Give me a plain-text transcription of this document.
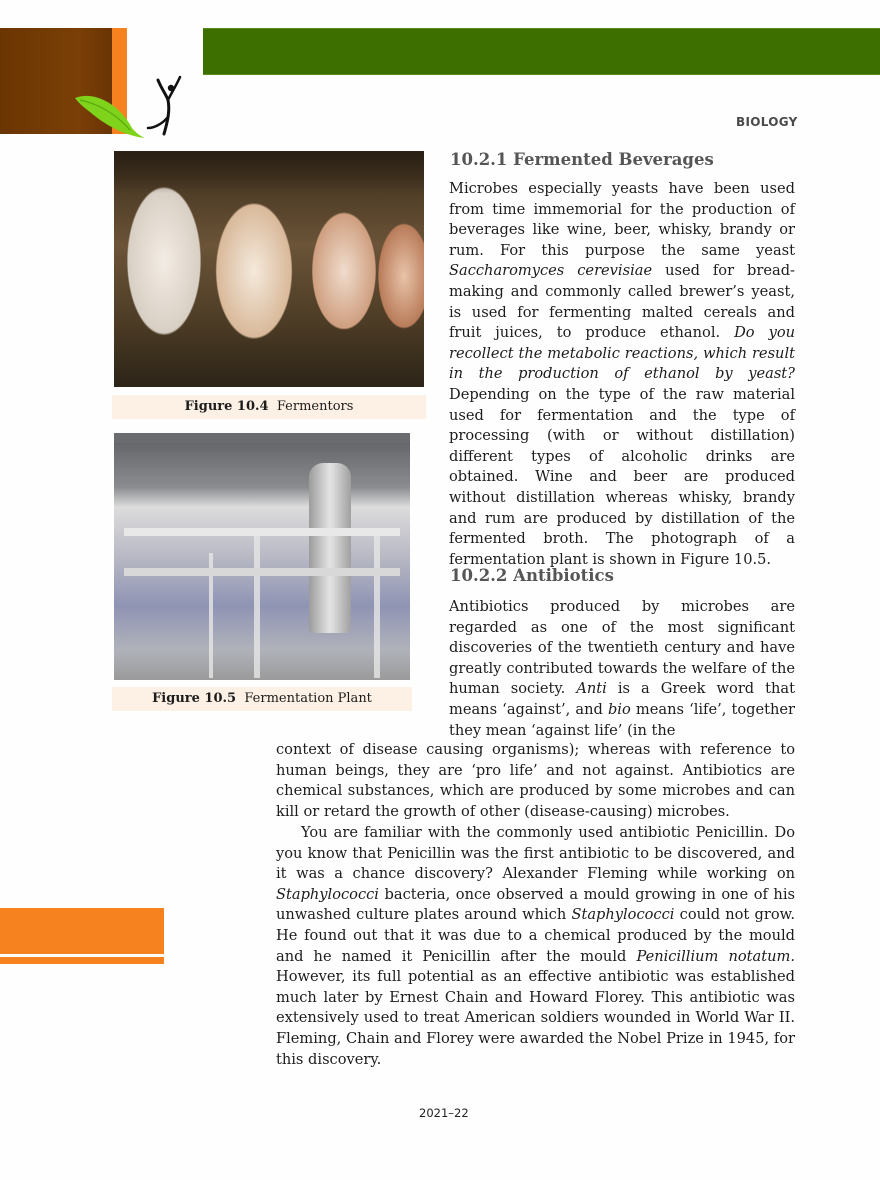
BIOLOGY
Figure 10.4 Fermentors
Figure 10.5 Fermentation Plant
10.2.1 Fermented Beverages
Microbes especially yeasts have been used from time immemorial for the production of beverages like wine, beer, whisky, brandy or rum. For this purpose the same yeast Saccharomyces cerevisiae used for bread-making and commonly called brewer’s yeast, is used for fermenting malted cereals and fruit juices, to produce ethanol. Do you recollect the metabolic reactions, which result in the production of ethanol by yeast? Depending on the type of the raw material used for fermentation and the type of processing (with or without distillation) different types of alcoholic drinks are obtained. Wine and beer are produced without distillation whereas whisky, brandy and rum are produced by distillation of the fermented broth. The photograph of a fermentation plant is shown in Figure 10.5.
10.2.2 Antibiotics
Antibiotics produced by microbes are regarded as one of the most significant discoveries of the twentieth century and have greatly contributed towards the welfare of the human society. Anti is a Greek word that means ‘against’, and bio means ‘life’, together they mean ‘against life’ (in the
context of disease causing organisms); whereas with reference to human beings, they are ‘pro life’ and not against. Antibiotics are chemical substances, which are produced by some microbes and can kill or retard the growth of other (disease-causing) microbes.
You are familiar with the commonly used antibiotic Penicillin. Do you know that Penicillin was the first antibiotic to be discovered, and it was a chance discovery? Alexander Fleming while working on Staphylococci bacteria, once observed a mould growing in one of his unwashed culture plates around which Staphylococci could not grow. He found out that it was due to a chemical produced by the mould and he named it Penicillin after the mould Penicillium notatum. However, its full potential as an effective antibiotic was established much later by Ernest Chain and Howard Florey. This antibiotic was extensively used to treat American soldiers wounded in World War II. Fleming, Chain and Florey were awarded the Nobel Prize in 1945, for this discovery.
2021–22
